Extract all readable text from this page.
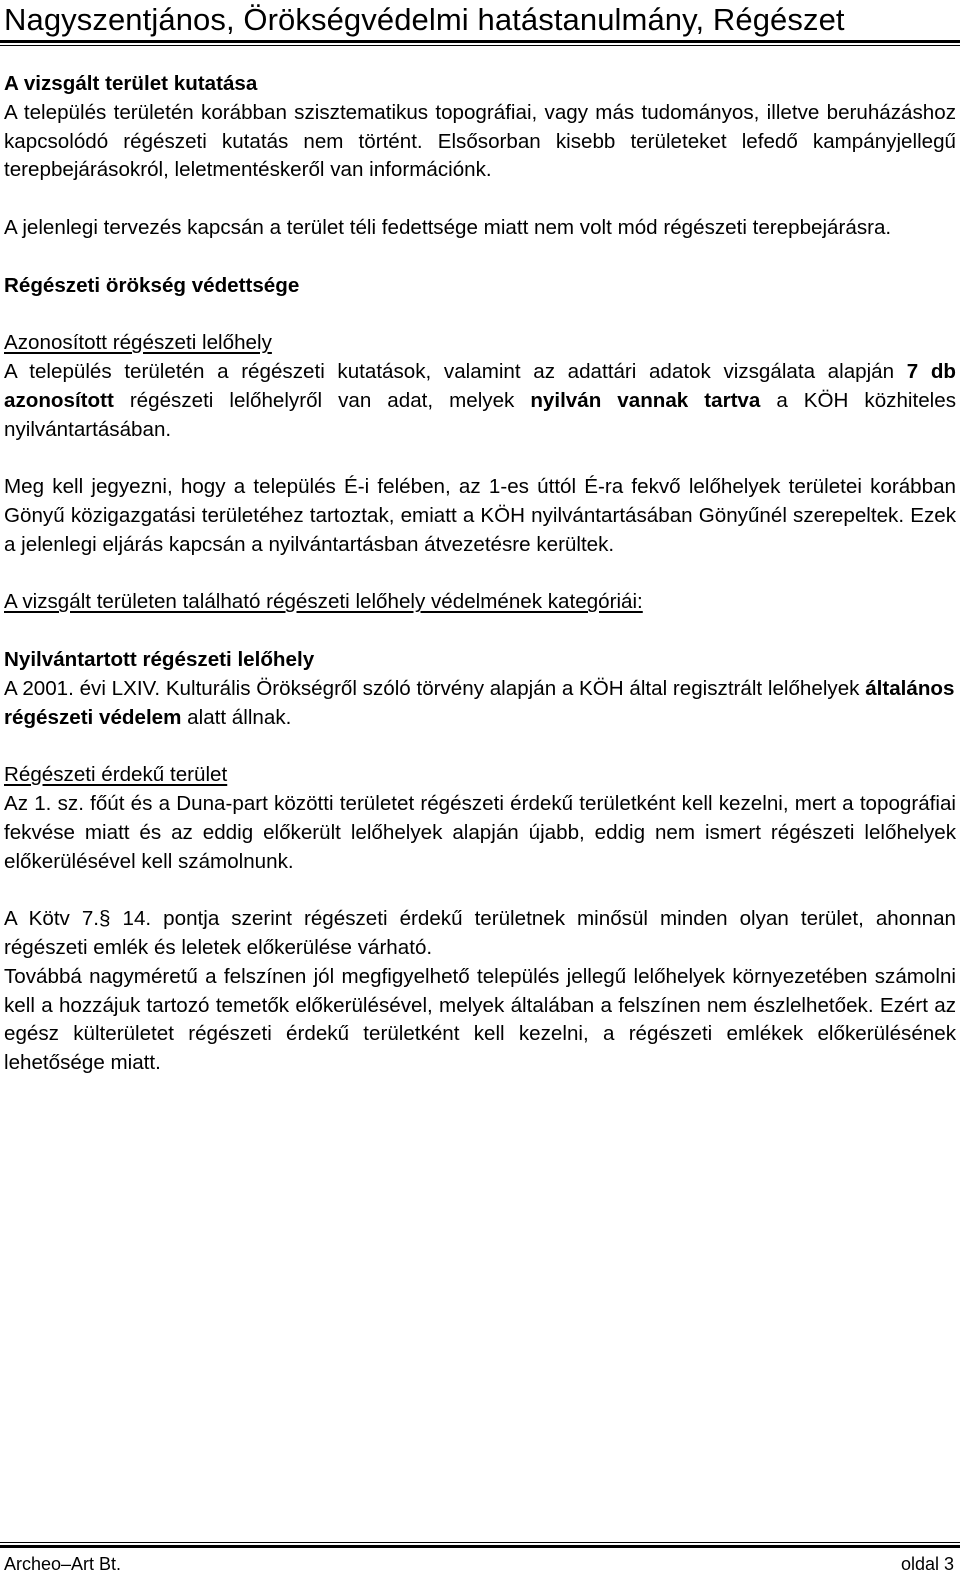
Nagyszentjános, Örökségvédelmi hatástanulmány, Régészet

A vizsgált terület kutatása

A település területén korábban szisztematikus topográfiai, vagy más tudományos, illetve beruházáshoz kapcsolódó régészeti kutatás nem történt. Elsősorban kisebb területeket lefedő kampányjellegű terepbejárásokról, leletmentéskeről van információnk.

A jelenlegi tervezés kapcsán a terület téli fedettsége miatt nem volt mód régészeti terepbejárásra.

Régészeti örökség védettsége

Azonosított régészeti lelőhely

A település területén a régészeti kutatások, valamint az adattári adatok vizsgálata alapján 7 db azonosított régészeti lelőhelyről van adat, melyek nyilván vannak tartva a KÖH közhiteles nyilvántartásában.

Meg kell jegyezni, hogy a település É-i felében, az 1-es úttól É-ra fekvő lelőhelyek területei korábban Gönyű közigazgatási területéhez tartoztak, emiatt a KÖH nyilvántartásában Gönyűnél szerepeltek. Ezek a jelenlegi eljárás kapcsán a nyilvántartásban átvezetésre kerültek.

A vizsgált területen található régészeti lelőhely védelmének kategóriái:

Nyilvántartott régészeti lelőhely

A 2001. évi LXIV. Kulturális Örökségről szóló törvény alapján a KÖH által regisztrált lelőhelyek általános régészeti védelem alatt állnak.

Régészeti érdekű terület

Az 1. sz. főút és a Duna-part közötti területet régészeti érdekű területként kell kezelni, mert a topográfiai fekvése miatt és az eddig előkerült lelőhelyek alapján újabb, eddig nem ismert régészeti lelőhelyek előkerülésével kell számolnunk.

A Kötv 7.§ 14. pontja szerint régészeti érdekű területnek minősül minden olyan terület, ahonnan régészeti emlék és leletek előkerülése várható.

Továbbá nagyméretű a felszínen jól megfigyelhető település jellegű lelőhelyek környezetében számolni kell a hozzájuk tartozó temetők előkerülésével, melyek általában a felszínen nem észlelhetőek. Ezért az egész külterületet régészeti érdekű területként kell kezelni, a régészeti emlékek előkerülésének lehetősége miatt.

Archeo–Art Bt.	oldal 3
